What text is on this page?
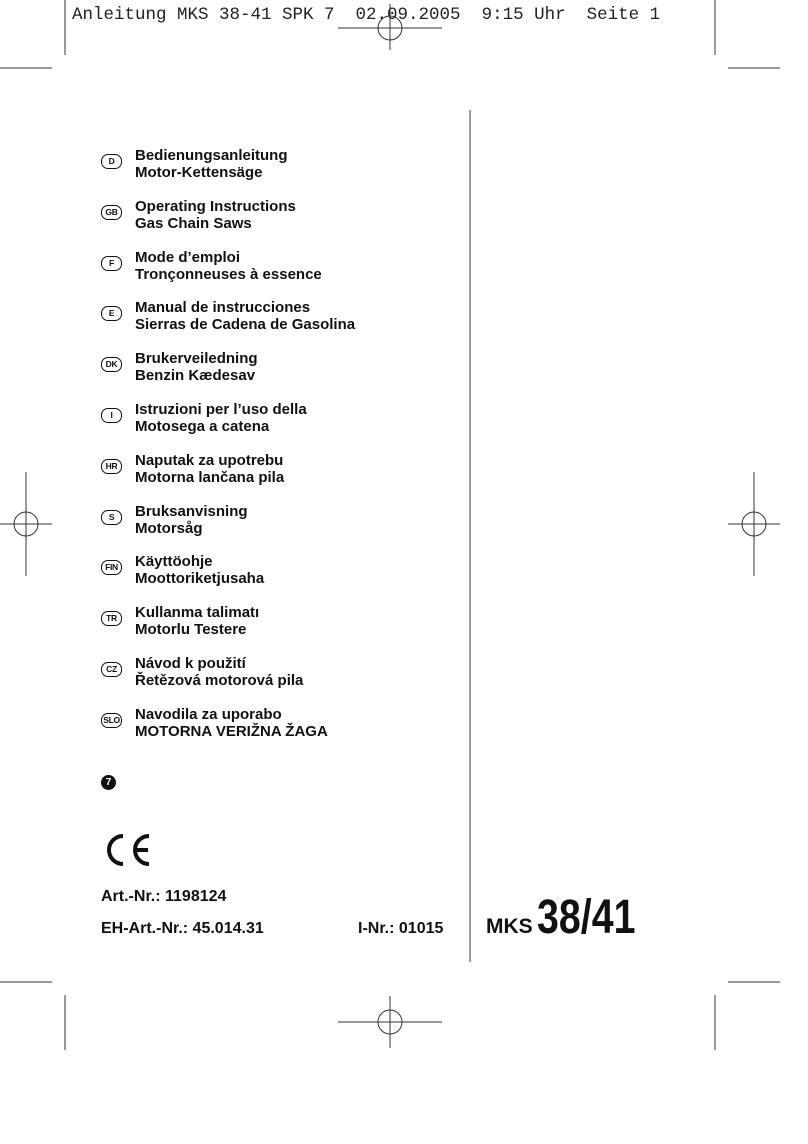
Anleitung MKS 38-41 SPK 7  02.09.2005  9:15 Uhr  Seite 1
D	Bedienungsanleitung
Motor-Kettensäge
GB Operating Instructions
Gas Chain Saws
F	Mode d’emploi
Tronçonneuses à essence
E	Manual de instrucciones
Sierras de Cadena de Gasolina
DK	Brukerveiledning
Benzin Kædesav
I	Istruzioni per l’uso della
Motosega a catena
HR	Naputak za upotrebu
Motorna lančana pila
S	Bruksanvisning
Motorsåg
FIN Käyttöohje
Moottoriketjusaha
TR	Kullanma talimatı
Motorlu Testere
CZ	Návod k použití
Řetězová motorová pila
SLO Navodila za uporabo
MOTORNA VERIŽNA ŽAGA
7
Art.-Nr.: 1198124
EH-Art.-Nr.: 45.014.31	I-Nr.: 01015 MKS38/41
